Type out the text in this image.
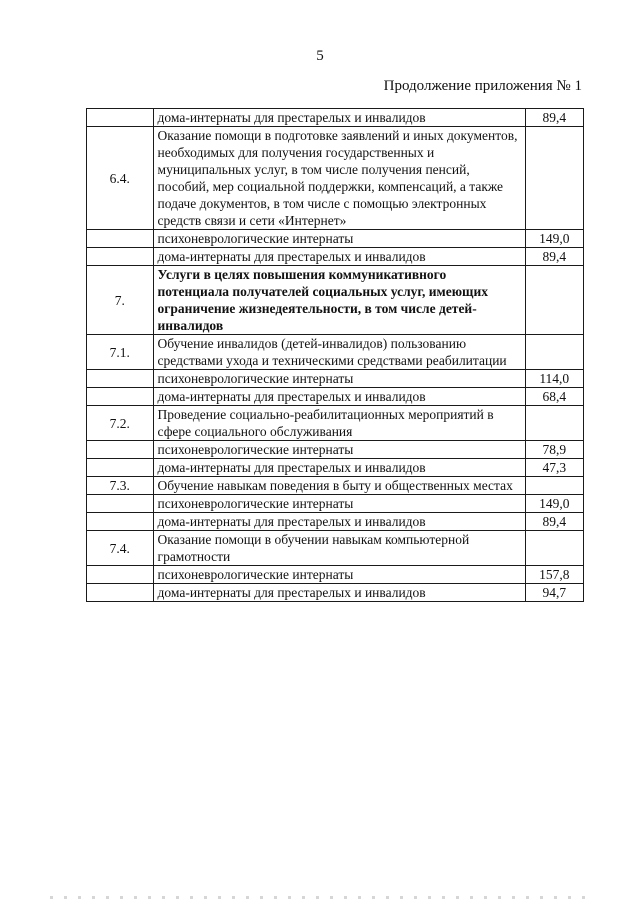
5
Продолжение приложения № 1
	дома-интернаты для престарелых и инвалидов	89,4
6.4.	Оказание помощи в подготовке заявлений и иных документов, необходимых для получения государственных и муниципальных услуг, в том числе получения пенсий, пособий, мер социальной поддержки, компенсаций, а также подаче документов, в том числе с помощью электронных средств связи и сети «Интернет»	
	психоневрологические интернаты	149,0
	дома-интернаты для престарелых и инвалидов	89,4
7.	Услуги в целях повышения коммуникативного потенциала получателей социальных услуг, имеющих ограничение жизнедеятельности, в том числе детей-инвалидов	
7.1.	Обучение инвалидов (детей-инвалидов) пользованию средствами ухода и техническими средствами реабилитации	
	психоневрологические интернаты	114,0
	дома-интернаты для престарелых и инвалидов	68,4
7.2.	Проведение социально-реабилитационных мероприятий в сфере социального обслуживания	
	психоневрологические интернаты	78,9
	дома-интернаты для престарелых и инвалидов	47,3
7.3.	Обучение навыкам поведения в быту и общественных местах	
	психоневрологические интернаты	149,0
	дома-интернаты для престарелых и инвалидов	89,4
7.4.	Оказание помощи в обучении навыкам компьютерной грамотности	
	психоневрологические интернаты	157,8
	дома-интернаты для престарелых и инвалидов	94,7
